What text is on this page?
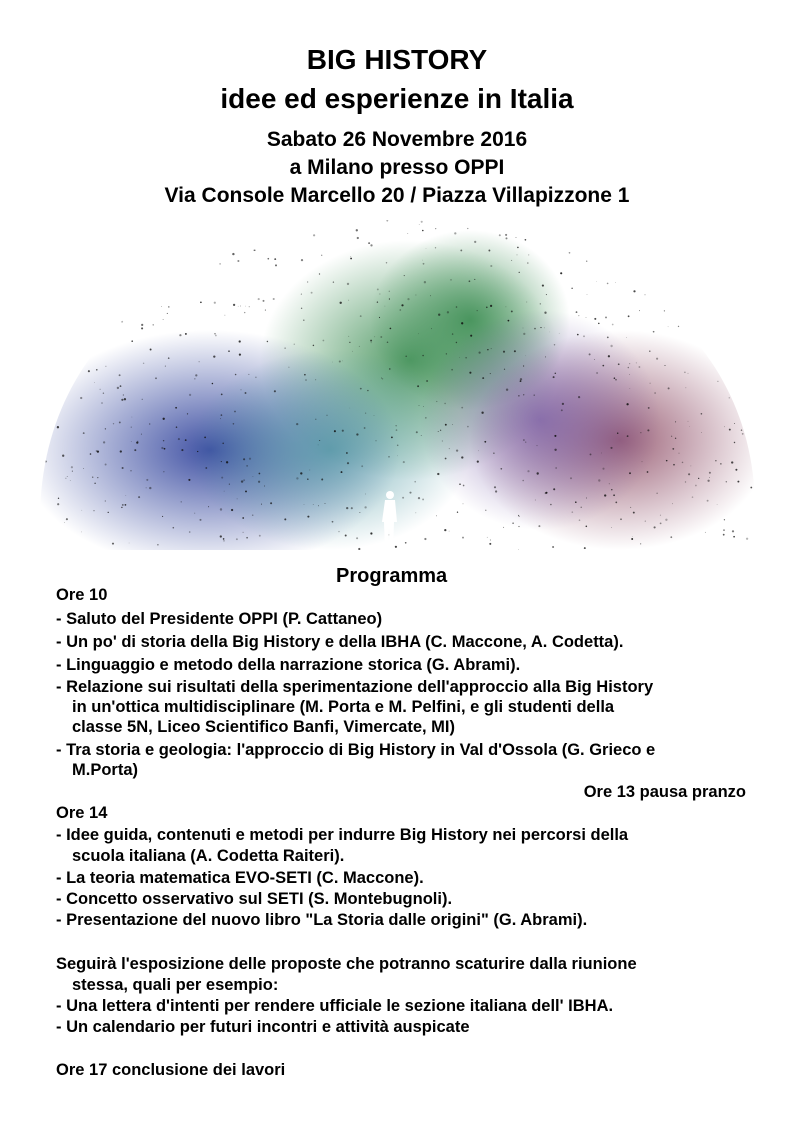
BIG HISTORY
idee ed esperienze in Italia
Sabato 26 Novembre 2016
a Milano presso OPPI
Via Console Marcello 20 / Piazza Villapizzone 1
Programma
Ore 10
- Saluto del Presidente OPPI (P. Cattaneo)
- Un po' di storia della Big History e della IBHA (C. Maccone, A. Codetta).
- Linguaggio e metodo della narrazione storica (G. Abrami).
- Relazione sui risultati della sperimentazione dell'approccio alla Big History
in un'ottica multidisciplinare (M. Porta e M. Pelfini, e gli studenti della
classe 5N, Liceo Scientifico Banfi, Vimercate, MI)
- Tra storia e geologia: l'approccio di Big History in Val d'Ossola (G. Grieco e
M.Porta)
Ore 13 pausa pranzo
Ore 14
- Idee guida, contenuti e metodi per indurre Big History nei percorsi della
scuola italiana (A. Codetta Raiteri).
- La teoria matematica EVO-SETI (C. Maccone).
- Concetto osservativo sul SETI (S. Montebugnoli).
- Presentazione del nuovo libro "La Storia dalle origini" (G. Abrami).
Seguirà l'esposizione delle proposte che potranno scaturire dalla riunione
stessa, quali per esempio:
- Una lettera d'intenti per rendere ufficiale le sezione italiana dell' IBHA.
- Un calendario per futuri incontri e attività auspicate
Ore 17 conclusione dei lavori
